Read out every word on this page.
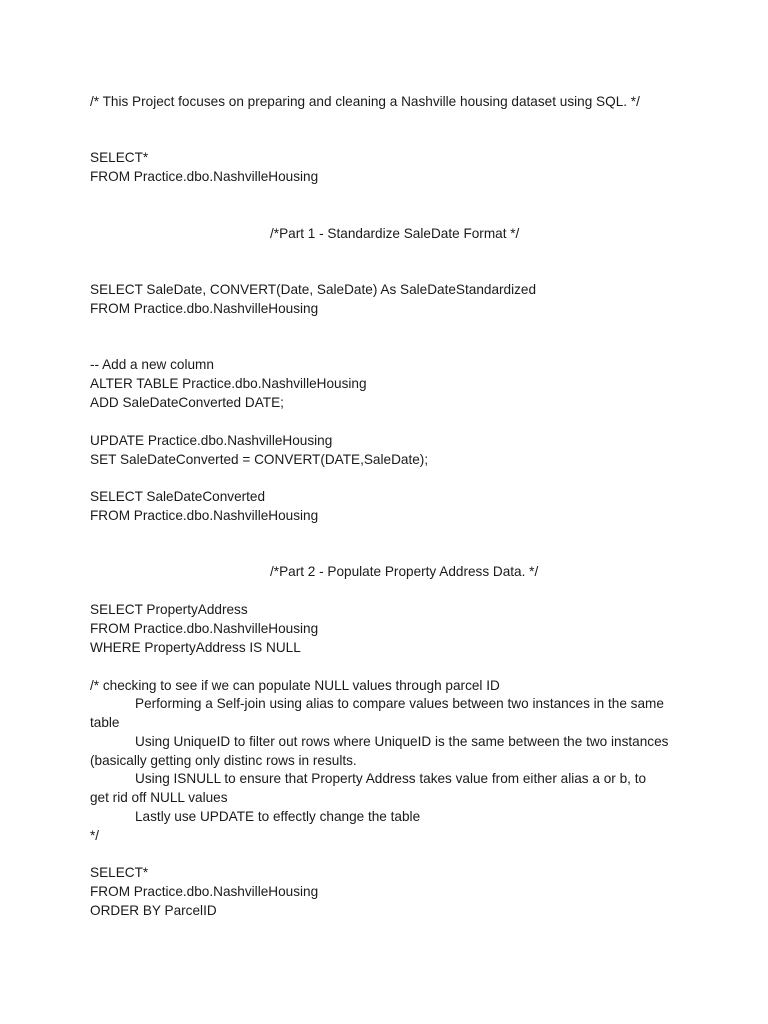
/* This Project focuses on preparing and cleaning a Nashville housing dataset using SQL. */

SELECT*

FROM Practice.dbo.NashvilleHousing

/*Part 1 - Standardize SaleDate Format */

SELECT SaleDate, CONVERT(Date, SaleDate) As SaleDateStandardized

FROM Practice.dbo.NashvilleHousing

-- Add a new column

ALTER TABLE Practice.dbo.NashvilleHousing

ADD SaleDateConverted DATE;

UPDATE Practice.dbo.NashvilleHousing

SET SaleDateConverted = CONVERT(DATE,SaleDate);

SELECT SaleDateConverted

FROM Practice.dbo.NashvilleHousing

/*Part 2 - Populate Property Address Data. */

SELECT PropertyAddress

FROM Practice.dbo.NashvilleHousing

WHERE PropertyAddress IS NULL

/* checking to see if we can populate NULL values through parcel ID

Performing a Self-join using alias to compare values between two instances in the same

table

Using UniqueID to filter out rows where UniqueID is the same between the two instances

(basically getting only distinc rows in results.

Using ISNULL to ensure that Property Address takes value from either alias a or b, to

get rid off NULL values

Lastly use UPDATE to effectly change the table

*/

SELECT*

FROM Practice.dbo.NashvilleHousing

ORDER BY ParcelID
